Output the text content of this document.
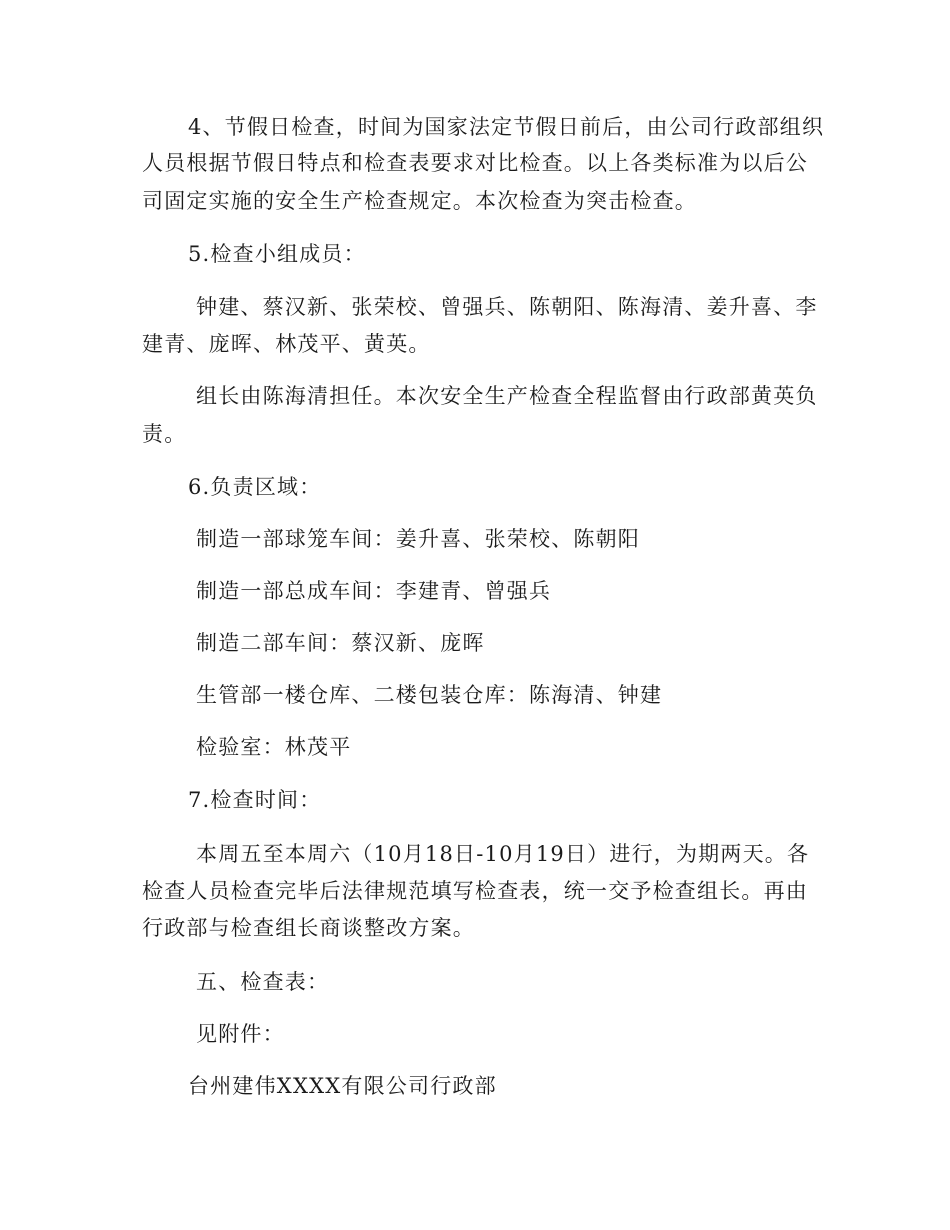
4、节假日检查，时间为国家法定节假日前后，由公司行政部组织
人员根据节假日特点和检查表要求对比检查。以上各类标准为以后公
司固定实施的安全生产检查规定。本次检查为突击检查。
5.检查小组成员：
钟建、蔡汉新、张荣校、曾强兵、陈朝阳、陈海清、姜升喜、李
建青、庞晖、林茂平、黄英。
组长由陈海清担任。本次安全生产检查全程监督由行政部黄英负
责。
6.负责区域：
制造一部球笼车间：姜升喜、张荣校、陈朝阳
制造一部总成车间：李建青、曾强兵
制造二部车间：蔡汉新、庞晖
生管部一楼仓库、二楼包装仓库：陈海清、钟建
检验室：林茂平
7.检查时间：
本周五至本周六（10月18日-10月19日）进行，为期两天。各
检查人员检查完毕后法律规范填写检查表，统一交予检查组长。再由
行政部与检查组长商谈整改方案。
五、检查表：
见附件：
台州建伟XXXX有限公司行政部
